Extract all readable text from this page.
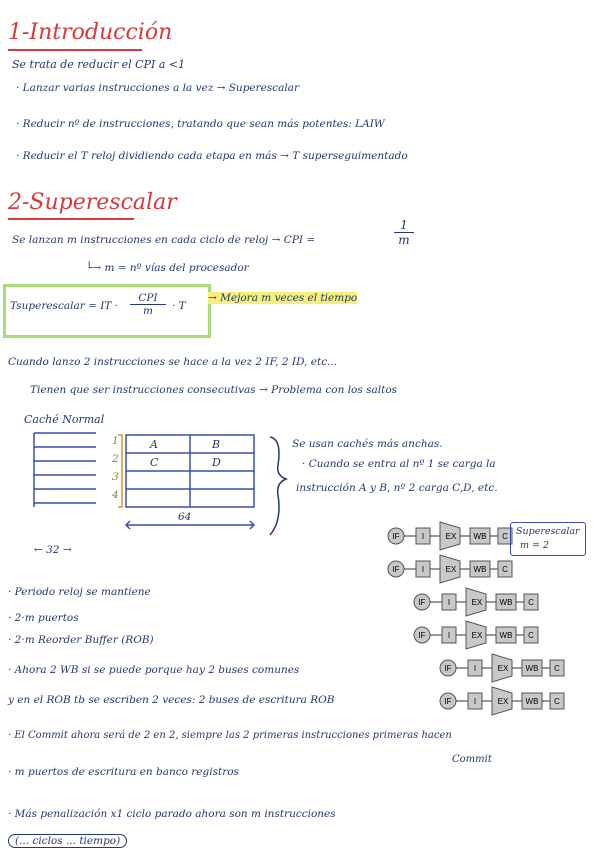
1-Introducción
Se trata de reducir el CPI a <1
· Lanzar varias instrucciones a la vez → Superescalar
· Reducir nº de instrucciones, tratando que sean más potentes: LAIW
· Reducir el T reloj dividiendo cada etapa en más → T superseguimentado
2-Superescalar
Se lanzan m instrucciones en cada ciclo de reloj → CPI =
1
m
└→ m = nº vías del procesador
Tsuperescalar = IT ·
CPI
m	· T
→ Mejora m veces el tiempo
Cuando lanzo 2 instrucciones se hace a la vez 2 IF, 2 ID, etc...
Tienen que ser instrucciones consecutivas → Problema con los saltos
Caché Normal
1
2
3
4
A	B
C	D
64
← 32 →
Se usan cachés más anchas.
· Cuando se entra al nº 1 se carga la
instrucción A y B, nº 2 carga C,D, etc.
IF	I	EX WB C
IF	I	EX WB C
IF	I	EX WB C
IF	I	EX WB C
IF	I	EX WB C
IF	I	EX WB C
Superescalar
m = 2
· Periodo reloj se mantiene
· 2·m puertos
· 2·m Reorder Buffer (ROB)
· Ahora 2 WB si se puede porque hay 2 buses comunes
y en el ROB tb se escriben 2 veces: 2 buses de escritura ROB
· El Commit ahora será de 2 en 2, siempre las 2 primeras instrucciones primeras hacen
Commit
· m puertos de escritura en banco registros
· Más penalización x1 ciclo parado ahora son m instrucciones
(... ciclos ... tiempo)
